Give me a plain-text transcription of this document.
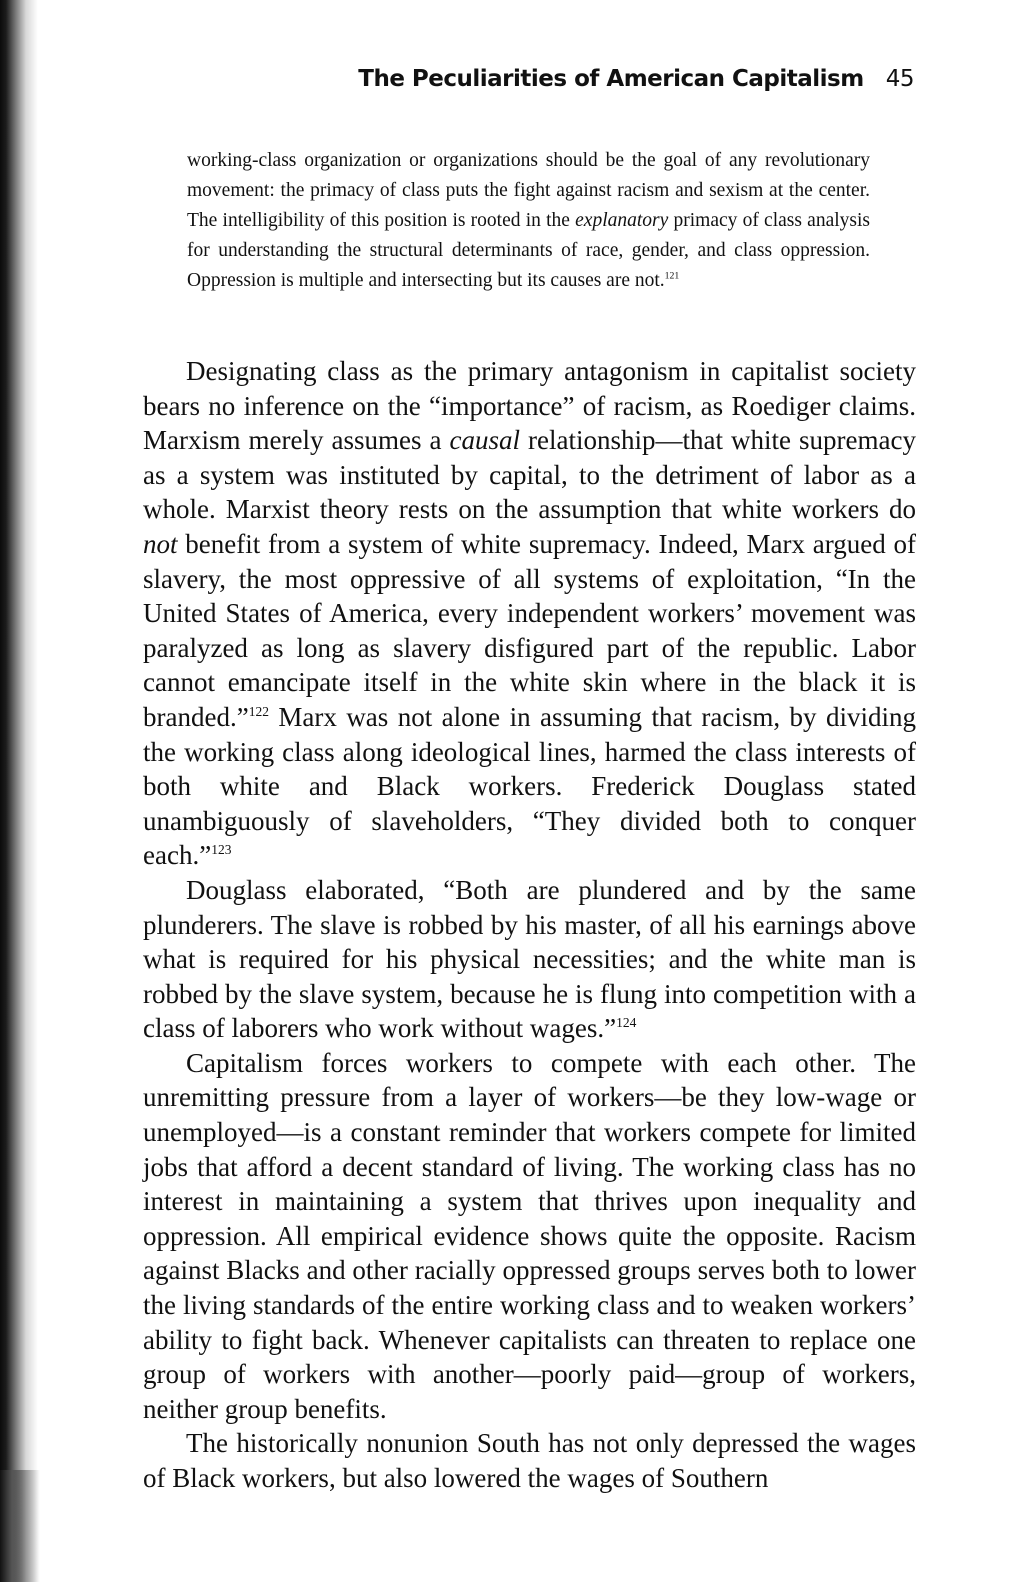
The Peculiarities of American Capitalism 45

working-class organization or organizations should be the goal of any revolutionary movement: the primacy of class puts the fight against racism and sexism at the center. The intelligibility of this position is rooted in the explanatory primacy of class analysis for understanding the structural determinants of race, gender, and class oppression. Oppression is multiple and intersecting but its causes are not.$^{121}$

Designating class as the primary antagonism in capitalist society bears no inference on the “importance” of racism, as Roediger claims. Marxism merely assumes a causal relationship—that white supremacy as a system was instituted by capital, to the detriment of labor as a whole. Marxist theory rests on the assumption that white workers do not benefit from a system of white supremacy. Indeed, Marx argued of slavery, the most oppressive of all systems of exploitation, “In the United States of America, every independent workers’ movement was paralyzed as long as slavery disfigured part of the republic. Labor cannot emancipate itself in the white skin where in the black it is branded.”$^{122}$ Marx was not alone in assuming that racism, by dividing the working class along ideological lines, harmed the class interests of both white and Black workers. Frederick Douglass stated unambiguously of slaveholders, “They divided both to conquer each.”$^{123}$

Douglass elaborated, “Both are plundered and by the same plunderers. The slave is robbed by his master, of all his earnings above what is required for his physical necessities; and the white man is robbed by the slave system, because he is flung into competition with a class of laborers who work without wages.”$^{124}$

Capitalism forces workers to compete with each other. The unremitting pressure from a layer of workers—be they low-wage or unemployed—is a constant reminder that workers compete for limited jobs that afford a decent standard of living. The working class has no interest in maintaining a system that thrives upon inequality and oppression. All empirical evidence shows quite the opposite. Racism against Blacks and other racially oppressed groups serves both to lower the living standards of the entire working class and to weaken workers’ ability to fight back. Whenever capitalists can threaten to replace one group of workers with another—poorly paid—group of workers, neither group benefits.

The historically nonunion South has not only depressed the wages of Black workers, but also lowered the wages of Southern
